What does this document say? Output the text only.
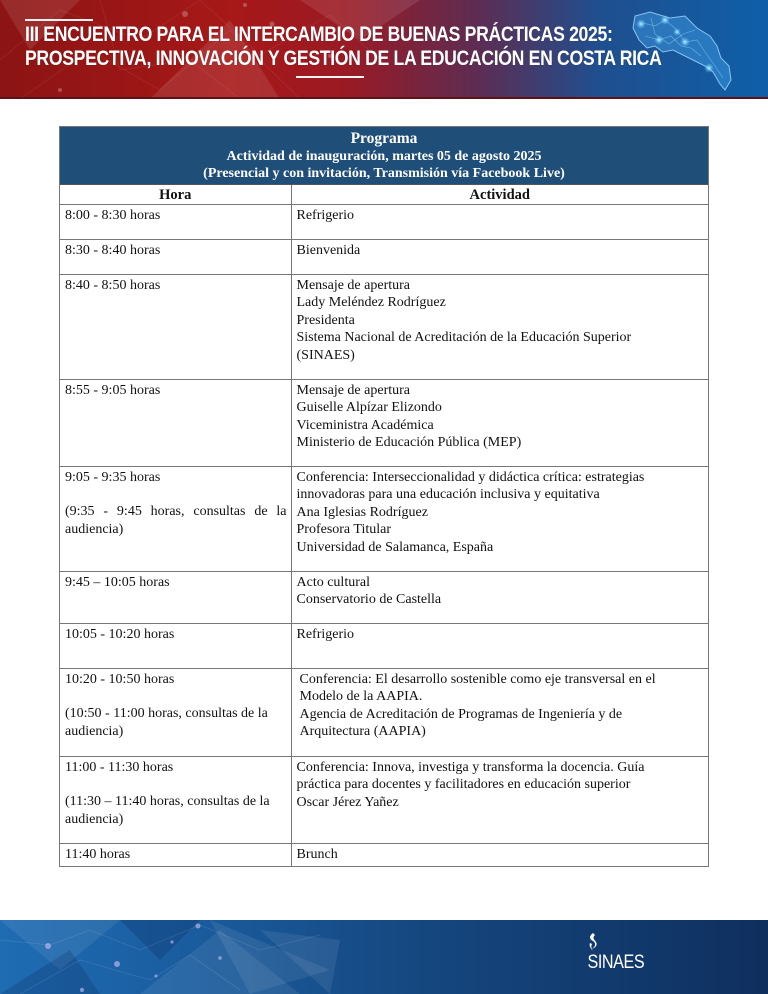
III ENCUENTRO PARA EL INTERCAMBIO DE BUENAS PRÁCTICAS 2025:
PROSPECTIVA, INNOVACIÓN Y GESTIÓN DE LA EDUCACIÓN EN COSTA RICA
Programa
Actividad de inauguración, martes 05 de agosto 2025
(Presencial y con invitación, Transmisión vía Facebook Live)
Hora	Actividad

8:00 - 8:30 horas	Refrigerio

8:30 - 8:40 horas	Bienvenida

8:40 - 8:50 horas	Mensaje de apertura
Lady Meléndez Rodríguez
Presidenta
Sistema Nacional de Acreditación de la Educación Superior
(SINAES)

8:55 - 9:05 horas	Mensaje de apertura
Guiselle Alpízar Elizondo
Viceministra Académica
Ministerio de Educación Pública (MEP)

9:05 - 9:35 horas
(9:35 - 9:45 horas, consultas de la audiencia)	Conferencia: Interseccionalidad y didáctica crítica: estrategias
innovadoras para una educación inclusiva y equitativa
Ana Iglesias Rodríguez
Profesora Titular
Universidad de Salamanca, España

9:45 – 10:05 horas	Acto cultural
Conservatorio de Castella

10:05 - 10:20 horas	Refrigerio

10:20 - 10:50 horas
(10:50 - 11:00 horas, consultas de la audiencia)	Conferencia: El desarrollo sostenible como eje transversal en el
Modelo de la AAPIA.
Agencia de Acreditación de Programas de Ingeniería y de
Arquitectura (AAPIA)

11:00 - 11:30 horas
(11:30 – 11:40 horas, consultas de la audiencia)	Conferencia: Innova, investiga y transforma la docencia. Guía
práctica para docentes y facilitadores en educación superior
Oscar Jérez Yañez

11:40 horas	Brunch
SINAES
